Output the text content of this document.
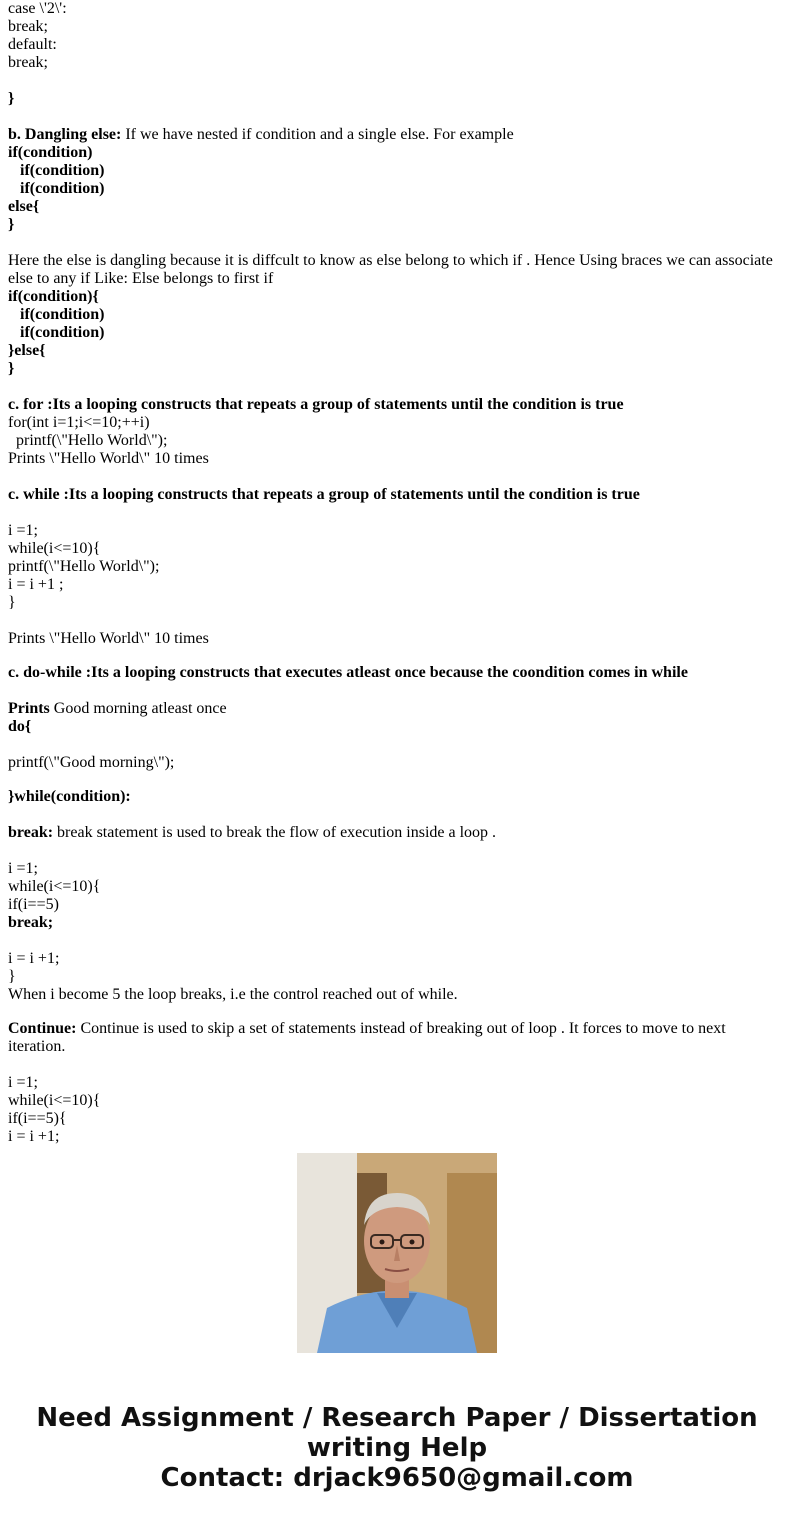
case \'2\':
break;
default:
break;
}
b. Dangling else: If we have nested if condition and a single else. For example
if(condition)
if(condition)
if(condition)
else{
}
Here the else is dangling because it is diffcult to know as else belong to which if . Hence Using braces we can associate else to any if Like: Else belongs to first if
if(condition){
if(condition)
if(condition)
}else{
}
c. for :Its a looping constructs that repeats a group of statements until the condition is true
for(int i=1;i<=10;++i)
printf(\"Hello World\");
Prints \"Hello World\" 10 times
c. while :Its a looping constructs that repeats a group of statements until the condition is true
i =1;
while(i<=10){
printf(\"Hello World\");
i = i +1 ;
}
Prints \"Hello World\" 10 times
c. do-while :Its a looping constructs that executes atleast once because the coondition comes in while
Prints Good morning atleast once
do{
printf(\"Good morning\");
}while(condition):
break: break statement is used to break the flow of execution inside a loop .
i =1;
while(i<=10){
if(i==5)
break;
i = i +1;
}
When i become 5 the loop breaks, i.e the control reached out of while.
Continue: Continue is used to skip a set of statements instead of breaking out of loop . It forces to move to next iteration.
i =1;
while(i<=10){
if(i==5){
i = i +1;
Need Assignment / Research Paper / Dissertation
writing Help
Contact: drjack9650@gmail.com
